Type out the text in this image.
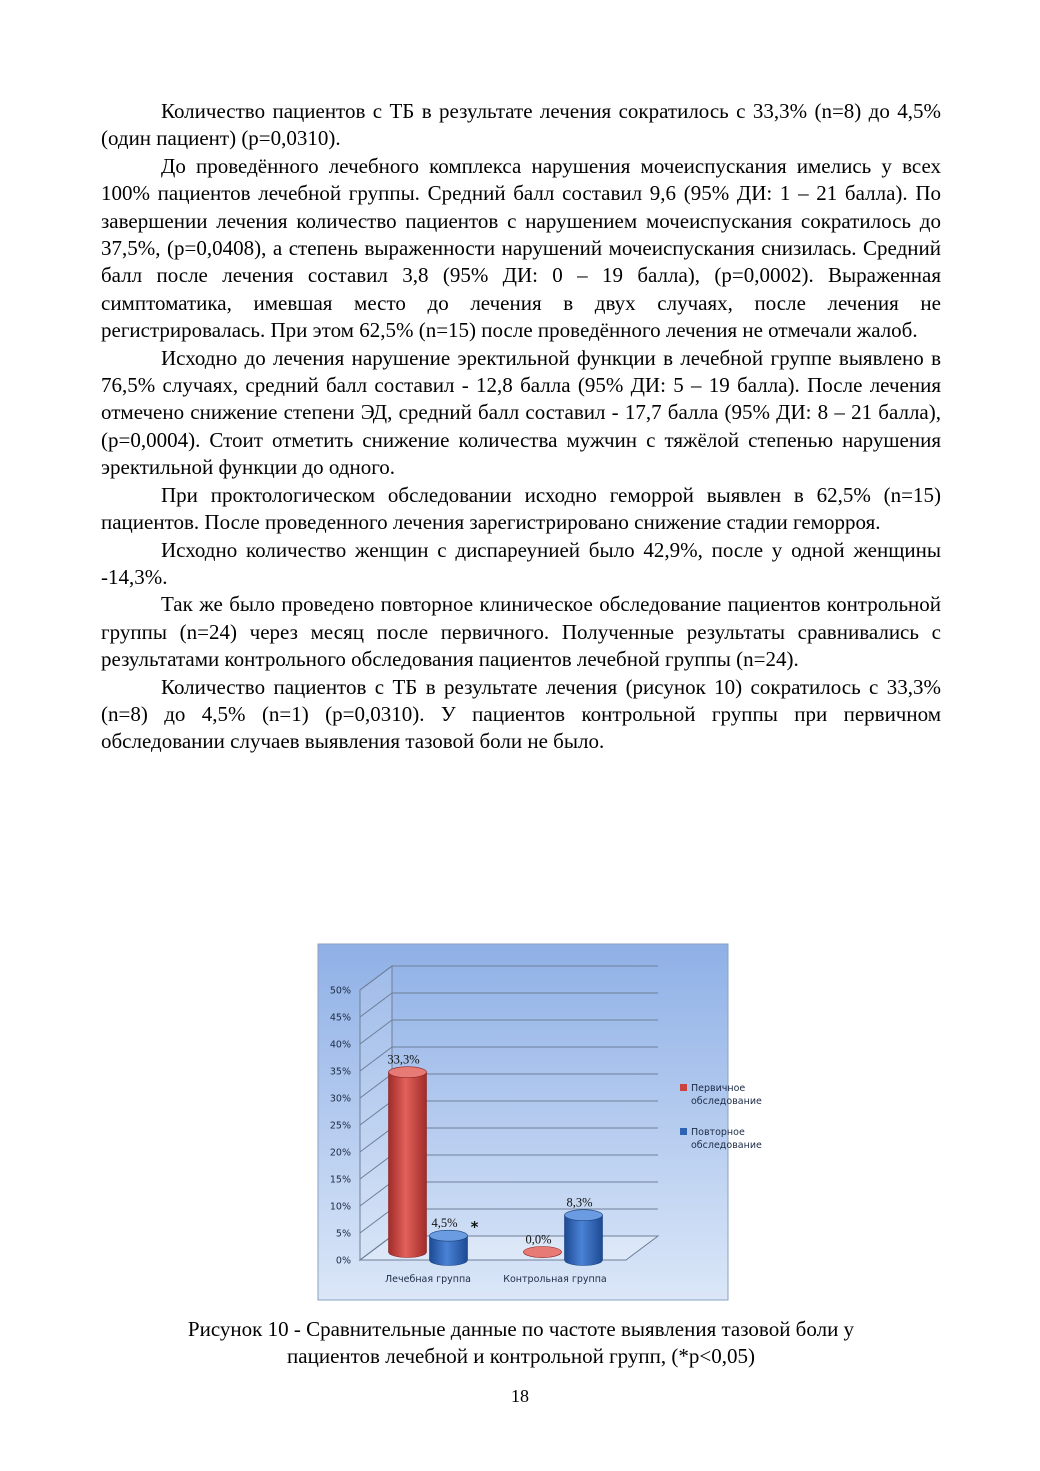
Количество пациентов с ТБ в результате лечения сократилось с 33,3% (n=8) до 4,5% (один пациент) (p=0,0310).

До проведённого лечебного комплекса нарушения мочеиспускания имелись у всех 100% пациентов лечебной группы. Средний балл составил 9,6 (95% ДИ: 1 – 21 балла). По завершении лечения количество пациентов с нарушением мочеиспускания сократилось до 37,5%, (p=0,0408), а степень выраженности нарушений мочеиспускания снизилась. Средний балл после лечения составил 3,8 (95% ДИ: 0 – 19 балла), (p=0,0002). Выраженная симптоматика, имевшая место до лечения в двух случаях, после лечения не регистрировалась. При этом 62,5% (n=15) после проведённого лечения не отмечали жалоб.

Исходно до лечения нарушение эректильной функции в лечебной группе выявлено в 76,5% случаях, средний балл составил - 12,8 балла (95% ДИ: 5 – 19 балла). После лечения отмечено снижение степени ЭД, средний балл составил - 17,7 балла (95% ДИ: 8 – 21 балла), (p=0,0004). Стоит отметить снижение количества мужчин с тяжёлой степенью нарушения эректильной функции до одного.

При проктологическом обследовании исходно геморрой выявлен в 62,5% (n=15) пациентов. После проведенного лечения зарегистрировано снижение стадии геморроя.

Исходно количество женщин с диспареунией было 42,9%, после у одной женщины -14,3%.

Так же было проведено повторное клиническое обследование пациентов контрольной группы (n=24) через месяц после первичного. Полученные результаты сравнивались с результатами контрольного обследования пациентов лечебной группы (n=24).

Количество пациентов с ТБ в результате лечения (рисунок 10) сократилось с 33,3% (n=8) до 4,5% (n=1) (p=0,0310). У пациентов контрольной группы при первичном обследовании случаев выявления тазовой боли не было.

0%
5%
10%
15%
20%
25%
30%
35%
40%
45%
50%
33,3%
4,5% *
0,0%
8,3%
Лечебная группа	Контрольная группа
Первичное
обследование
Повторное
обследование
Рисунок 10 - Сравнительные данные по частоте выявления тазовой боли у
пациентов лечебной и контрольной групп, (*p<0,05)
18
